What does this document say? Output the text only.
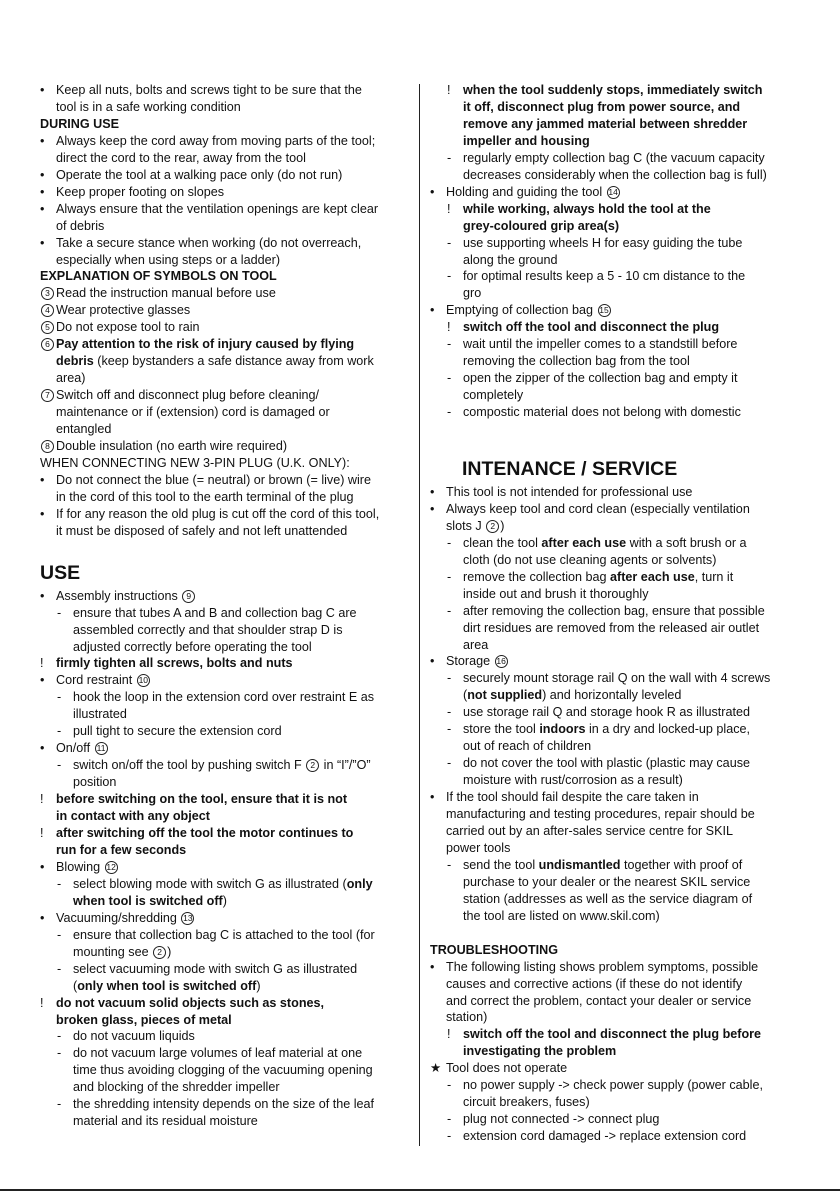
• Keep all nuts, bolts and screws tight to be sure that the
tool is in a safe working condition
DURING USE
• Always keep the cord away from moving parts of the tool;
direct the cord to the rear, away from the tool
• Operate the tool at a walking pace only (do not run)
• Keep proper footing on slopes
• Always ensure that the ventilation openings are kept clear
of debris
• Take a secure stance when working (do not overreach,
especially when using steps or a ladder)
EXPLANATION OF SYMBOLS ON TOOL
3 Read the instruction manual before use
4 Wear protective glasses
5 Do not expose tool to rain
6 Pay attention to the risk of injury caused by flying
debris (keep bystanders a safe distance away from work
area)
7 Switch off and disconnect plug before cleaning/
maintenance or if (extension) cord is damaged or
entangled
8 Double insulation (no earth wire required)
WHEN CONNECTING NEW 3-PIN PLUG (U.K. ONLY):
• Do not connect the blue (= neutral) or brown (= live) wire
in the cord of this tool to the earth terminal of the plug
• If for any reason the old plug is cut off the cord of this tool,
it must be disposed of safely and not left unattended
USE
• Assembly instructions 9
- ensure that tubes A and B and collection bag C are
assembled correctly and that shoulder strap D is
adjusted correctly before operating the tool
! firmly tighten all screws, bolts and nuts
• Cord restraint 10
- hook the loop in the extension cord over restraint E as
illustrated
- pull tight to secure the extension cord
• On/off 11
- switch on/off the tool by pushing switch F 2 in “I”/”O”
position
! before switching on the tool, ensure that it is not
in contact with any object
! after switching off the tool the motor continues to
run for a few seconds
• Blowing 12
- select blowing mode with switch G as illustrated (only
when tool is switched off)
• Vacuuming/shredding 13
- ensure that collection bag C is attached to the tool (for
mounting see 2 )
- select vacuuming mode with switch G as illustrated
(only when tool is switched off)
! do not vacuum solid objects such as stones,
broken glass, pieces of metal
- do not vacuum liquids
- do not vacuum large volumes of leaf material at one
time thus avoiding clogging of the vacuuming opening
and blocking of the shredder impeller
- the shredding intensity depends on the size of the leaf
material and its residual moisture
! when the tool suddenly stops, immediately switch
it off, disconnect plug from power source, and
remove any jammed material between shredder
impeller and housing
- regularly empty collection bag C (the vacuum capacity
decreases considerably when the collection bag is full)
• Holding and guiding the tool 14
! while working, always hold the tool at the
grey-coloured grip area(s)
- use supporting wheels H for easy guiding the tube
along the ground
- for optimal results keep a 5 - 10 cm distance to the
gro
• Emptying of collection bag 15
! switch off the tool and disconnect the plug
- wait until the impeller comes to a standstill before
removing the collection bag from the tool
- open the zipper of the collection bag and empty it
completely
- compostic material does not belong with domestic
INTENANCE / SERVICE
• This tool is not intended for professional use
• Always keep tool and cord clean (especially ventilation
slots J 2 )
- clean the tool after each use with a soft brush or a
cloth (do not use cleaning agents or solvents)
- remove the collection bag after each use, turn it
inside out and brush it thoroughly
- after removing the collection bag, ensure that possible
dirt residues are removed from the released air outlet
area
• Storage 16
- securely mount storage rail Q on the wall with 4 screws
(not supplied) and horizontally leveled
- use storage rail Q and storage hook R as illustrated
- store the tool indoors in a dry and locked-up place,
out of reach of children
- do not cover the tool with plastic (plastic may cause
moisture with rust/corrosion as a result)
• If the tool should fail despite the care taken in
manufacturing and testing procedures, repair should be
carried out by an after-sales service centre for SKIL
power tools
- send the tool undismantled together with proof of
purchase to your dealer or the nearest SKIL service
station (addresses as well as the service diagram of
the tool are listed on www.skil.com)
TROUBLESHOOTING
• The following listing shows problem symptoms, possible
causes and corrective actions (if these do not identify
and correct the problem, contact your dealer or service
station)
! switch off the tool and disconnect the plug before
investigating the problem
★ Tool does not operate
- no power supply -> check power supply (power cable,
circuit breakers, fuses)
- plug not connected -> connect plug
- extension cord damaged -> replace extension cord
